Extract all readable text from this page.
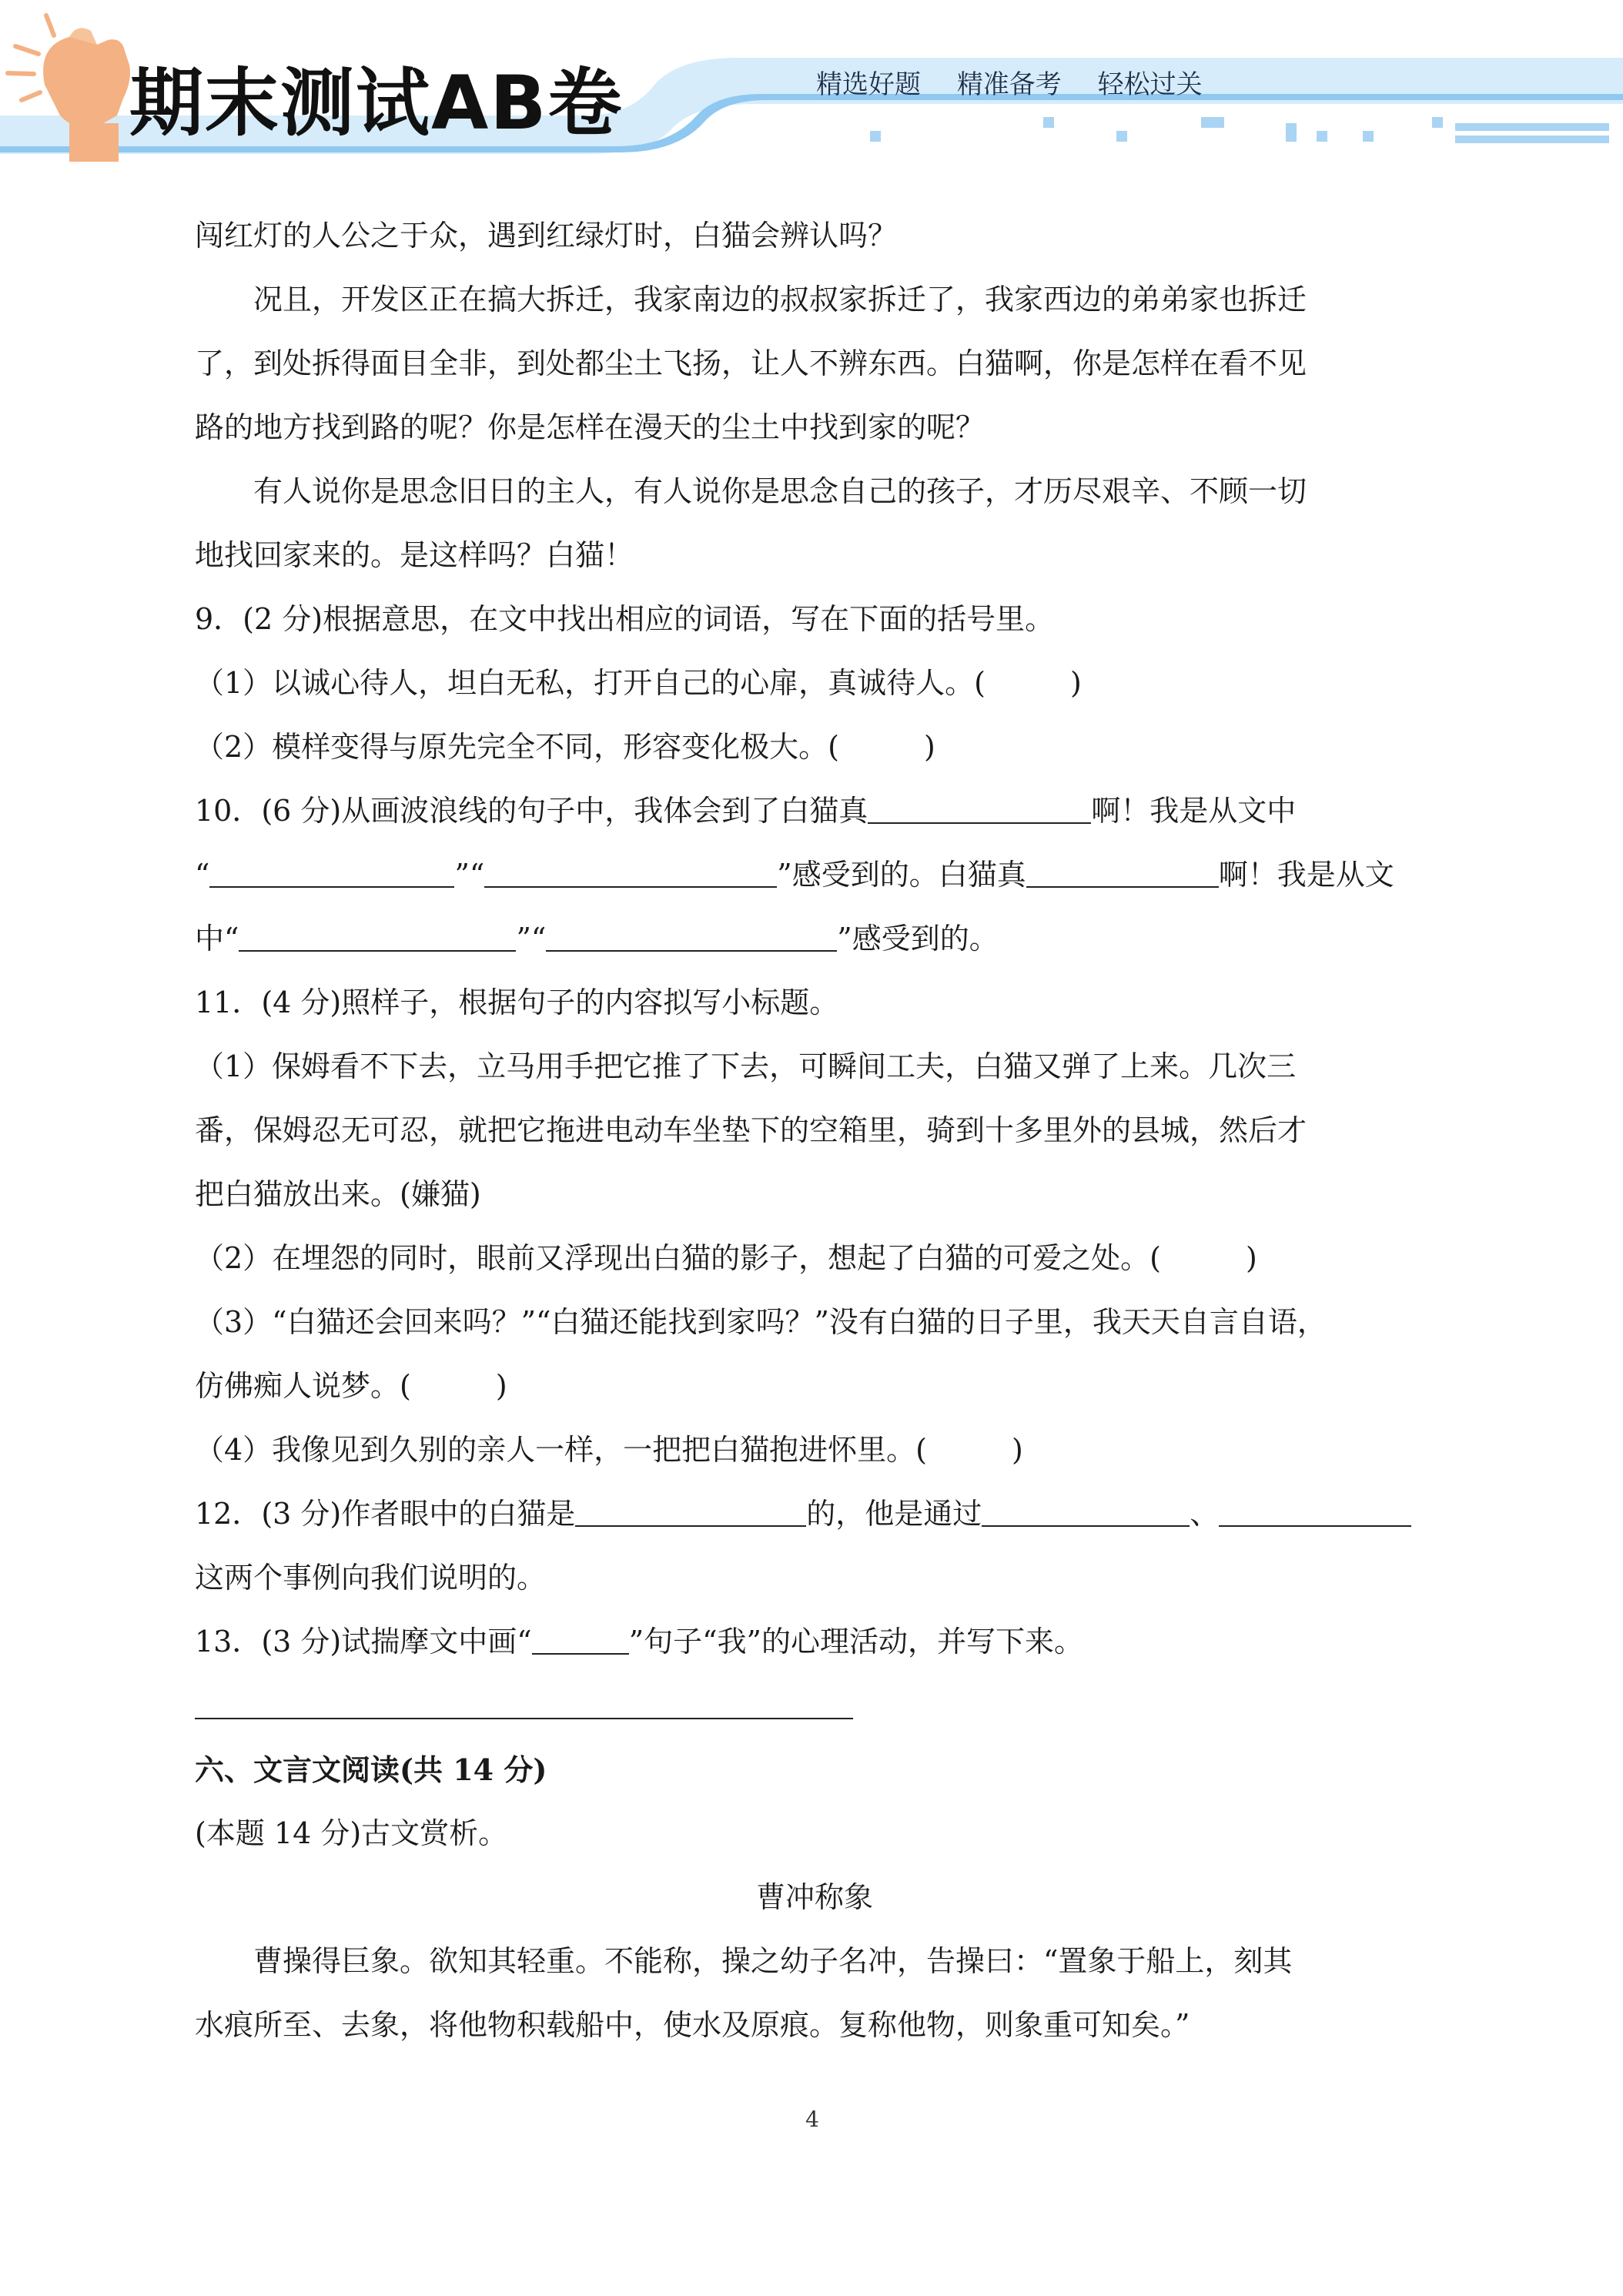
期末测试AB卷	精选好题 精准备考 轻松过关
闯红灯的人公之于众，遇到红绿灯时，白猫会辨认吗？
况且，开发区正在搞大拆迁，我家南边的叔叔家拆迁了，我家西边的弟弟家也拆迁
了，到处拆得面目全非，到处都尘土飞扬，让人不辨东西。白猫啊，你是怎样在看不见
路的地方找到路的呢？你是怎样在漫天的尘土中找到家的呢？
有人说你是思念旧日的主人，有人说你是思念自己的孩子，才历尽艰辛、不顾一切
地找回家来的。是这样吗？白猫！
9．(2 分)根据意思，在文中找出相应的词语，写在下面的括号里。
（1）以诚心待人，坦白无私，打开自己的心扉，真诚待人。(	)
（2）模样变得与原先完全不同，形容变化极大。(	)
10．(6 分)从画波浪线的句子中，我体会到了白猫真	啊！我是从文中
“	”“	”感受到的。白猫真	啊！我是从文
中“	”“	”感受到的。
11．(4 分)照样子，根据句子的内容拟写小标题。
（1）保姆看不下去，立马用手把它推了下去，可瞬间工夫，白猫又弹了上来。几次三
番，保姆忍无可忍，就把它拖进电动车坐垫下的空箱里，骑到十多里外的县城，然后才
把白猫放出来。(嫌猫)
（2）在埋怨的同时，眼前又浮现出白猫的影子，想起了白猫的可爱之处。(	)
（3）“白猫还会回来吗？”“白猫还能找到家吗？”没有白猫的日子里，我天天自言自语，
仿佛痴人说梦。(	)
（4）我像见到久别的亲人一样，一把把白猫抱进怀里。(	)
12．(3 分)作者眼中的白猫是	的，他是通过	、
这两个事例向我们说明的。
13．(3 分)试揣摩文中画“	”句子“我”的心理活动，并写下来。
六、文言文阅读(共 14 分)
(本题 14 分)古文赏析。
曹冲称象
曹操得巨象。欲知其轻重。不能称，操之幼子名冲，告操曰：“置象于船上，刻其
水痕所至、去象，将他物积载船中，使水及原痕。复称他物，则象重可知矣。”
4
